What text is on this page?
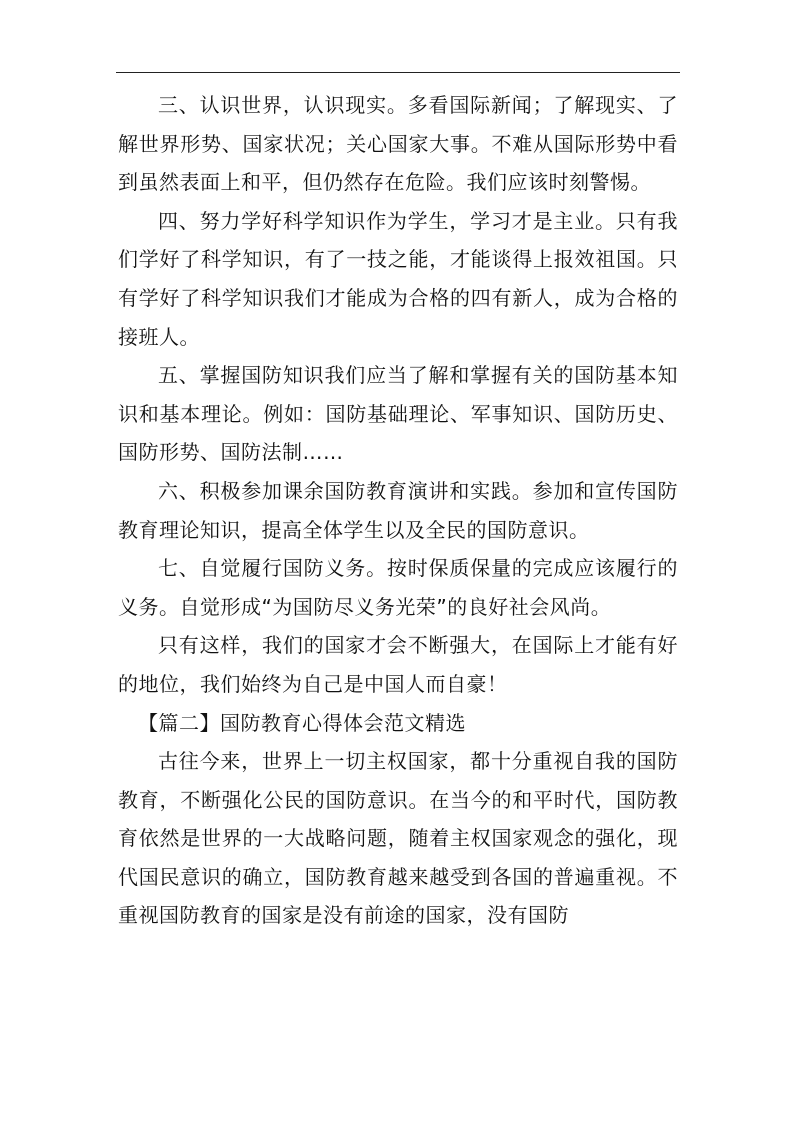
三、认识世界，认识现实。多看国际新闻；了解现实、了解世界形势、国家状况；关心国家大事。不难从国际形势中看到虽然表面上和平，但仍然存在危险。我们应该时刻警惕。

四、努力学好科学知识作为学生，学习才是主业。只有我们学好了科学知识，有了一技之能，才能谈得上报效祖国。只有学好了科学知识我们才能成为合格的四有新人，成为合格的接班人。

五、掌握国防知识我们应当了解和掌握有关的国防基本知识和基本理论。例如：国防基础理论、军事知识、国防历史、国防形势、国防法制……

六、积极参加课余国防教育演讲和实践。参加和宣传国防教育理论知识，提高全体学生以及全民的国防意识。

七、自觉履行国防义务。按时保质保量的完成应该履行的义务。自觉形成“为国防尽义务光荣”的良好社会风尚。

只有这样，我们的国家才会不断强大，在国际上才能有好的地位，我们始终为自己是中国人而自豪！

【篇二】国防教育心得体会范文精选

古往今来，世界上一切主权国家，都十分重视自我的国防教育，不断强化公民的国防意识。在当今的和平时代，国防教育依然是世界的一大战略问题，随着主权国家观念的强化，现代国民意识的确立，国防教育越来越受到各国的普遍重视。不重视国防教育的国家是没有前途的国家，没有国防
